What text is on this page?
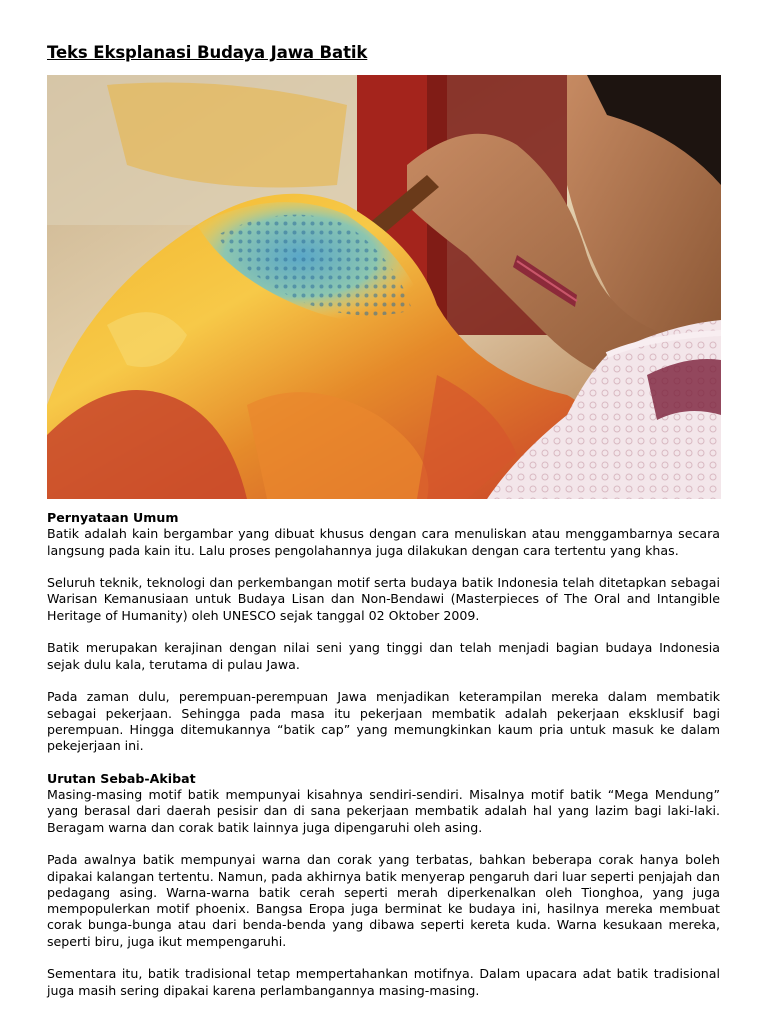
Teks Eksplanasi Budaya Jawa Batik
Pernyataan Umum

Batik adalah kain bergambar yang dibuat khusus dengan cara menuliskan atau menggambarnya secara langsung pada kain itu. Lalu proses pengolahannya juga dilakukan dengan cara tertentu yang khas.

Seluruh teknik, teknologi dan perkembangan motif serta budaya batik Indonesia telah ditetapkan sebagai Warisan Kemanusiaan untuk Budaya Lisan dan Non-Bendawi (Masterpieces of The Oral and Intangible Heritage of Humanity) oleh UNESCO sejak tanggal 02 Oktober 2009.

Batik merupakan kerajinan dengan nilai seni yang tinggi dan telah menjadi bagian budaya Indonesia sejak dulu kala, terutama di pulau Jawa.

Pada zaman dulu, perempuan-perempuan Jawa menjadikan keterampilan mereka dalam membatik sebagai pekerjaan. Sehingga pada masa itu pekerjaan membatik adalah pekerjaan eksklusif bagi perempuan. Hingga ditemukannya “batik cap” yang memungkinkan kaum pria untuk masuk ke dalam pekejerjaan ini.

Urutan Sebab-Akibat

Masing-masing motif batik mempunyai kisahnya sendiri-sendiri. Misalnya motif batik “Mega Mendung” yang berasal dari daerah pesisir dan di sana pekerjaan membatik adalah hal yang lazim bagi laki-laki. Beragam warna dan corak batik lainnya juga dipengaruhi oleh asing.

Pada awalnya batik mempunyai warna dan corak yang terbatas, bahkan beberapa corak hanya boleh dipakai kalangan tertentu. Namun, pada akhirnya batik menyerap pengaruh dari luar seperti penjajah dan pedagang asing. Warna-warna batik cerah seperti merah diperkenalkan oleh Tionghoa, yang juga mempopulerkan motif phoenix. Bangsa Eropa juga berminat ke budaya ini, hasilnya mereka membuat corak bunga-bunga atau dari benda-benda yang dibawa seperti kereta kuda. Warna kesukaan mereka, seperti biru, juga ikut mempengaruhi.

Sementara itu, batik tradisional tetap mempertahankan motifnya. Dalam upacara adat batik tradisional juga masih sering dipakai karena perlambangannya masing-masing.
